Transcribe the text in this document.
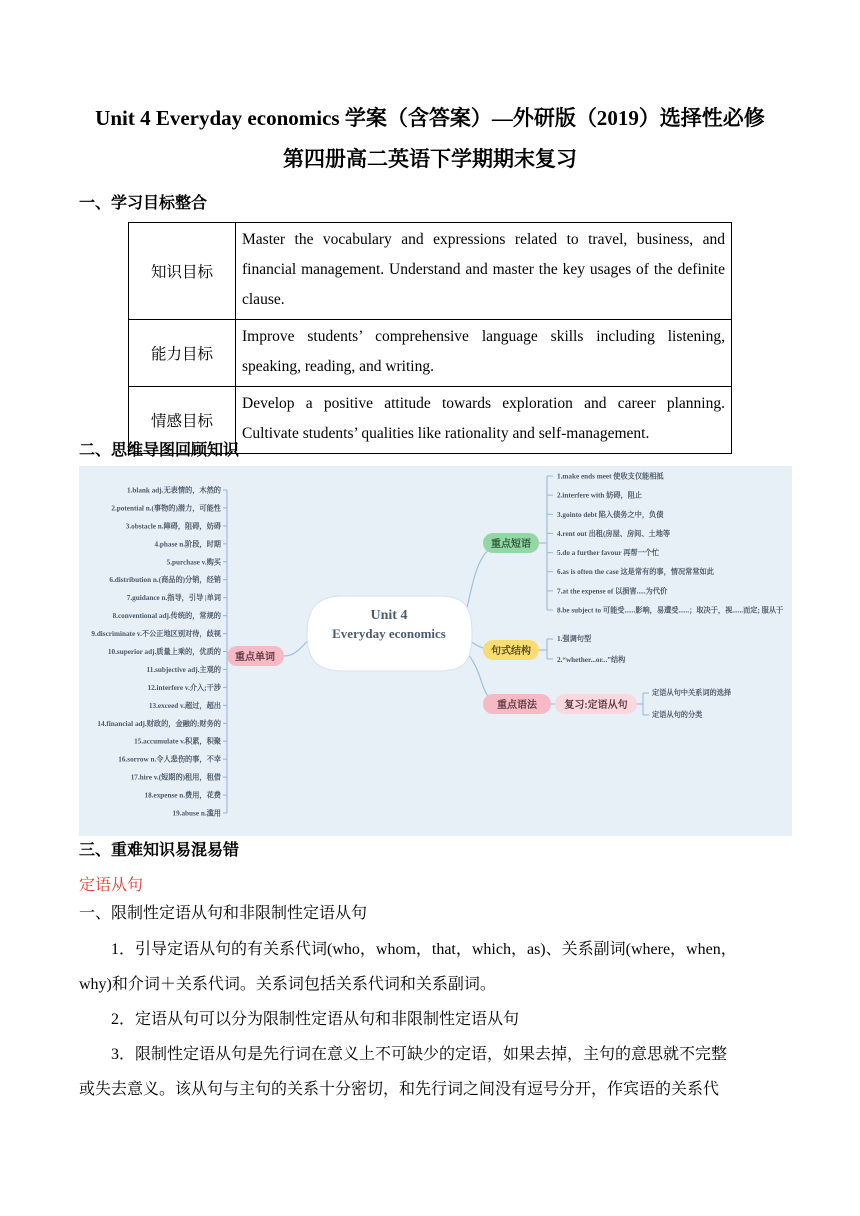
Unit 4 Everyday economics 学案（含答案）—外研版（2019）选择性必修

第四册高二英语下学期期末复习

一、学习目标整合

知识目标	Master the vocabulary and expressions related to travel, business, and financial management. Understand and master the key usages of the definite clause.
能力目标	Improve students’ comprehensive language skills including listening, speaking, reading, and writing.
情感目标	Develop a positive attitude towards exploration and career planning. Cultivate students’ qualities like rationality and self-management.

二、思维导图回顾知识

Unit 4
Everyday economics
重点单词
重点短语
句式结构
重点语法	复习:定语从句
1.blank adj.无表情的，木然的
2.potential n.(事物的)潜力，可能性
3.obstacle n.障碍，阻碍，妨碍
4.phase n.阶段，时期
5.purchase v.购买
6.distribution n.(商品的)分销，经销
7.guidance n.指导，引导 |单词
8.conventional adj.传统的，常规的
9.discriminate v.不公正地区别对待，歧视
10.superior adj.质量上乘的，优质的
11.subjective adj.主观的
12.interfere v.介入;干涉
13.exceed v.超过，超出
14.financial adj.财政的，金融的;财务的
15.accumulate v.积累，积聚
16.sorrow n.令人悲伤的事，不幸
17.hire v.(短期的)租用，租借
18.expense n.费用，花费
19.abuse n.滥用
1.make ends meet 使收支仅能相抵
2.interfere with 妨碍，阻止
3.gointo debt 陷入债务之中，负债
4.rent out 出租(房屋、房间、土地等
5.do a further favour 再帮一个忙
6.as is often the case 这是常有的事，情况常常如此
7.at the expense of 以损害.....为代价
8.be subject to 可能受......影响，易遭受......；取决于，视......而定; 服从于
1.强调句型
2.“whether...or...”结构
定语从句中关系词的选择
定语从句的分类

三、重难知识易混易错

定语从句

一、限制性定语从句和非限制性定语从句

1．引导定语从句的有关系代词(who，whom，that，which，as)、关系副词(where，when，

why)和介词＋关系代词。关系词包括关系代词和关系副词。

2．定语从句可以分为限制性定语从句和非限制性定语从句

3．限制性定语从句是先行词在意义上不可缺少的定语，如果去掉，主句的意思就不完整

或失去意义。该从句与主句的关系十分密切，和先行词之间没有逗号分开，作宾语的关系代
